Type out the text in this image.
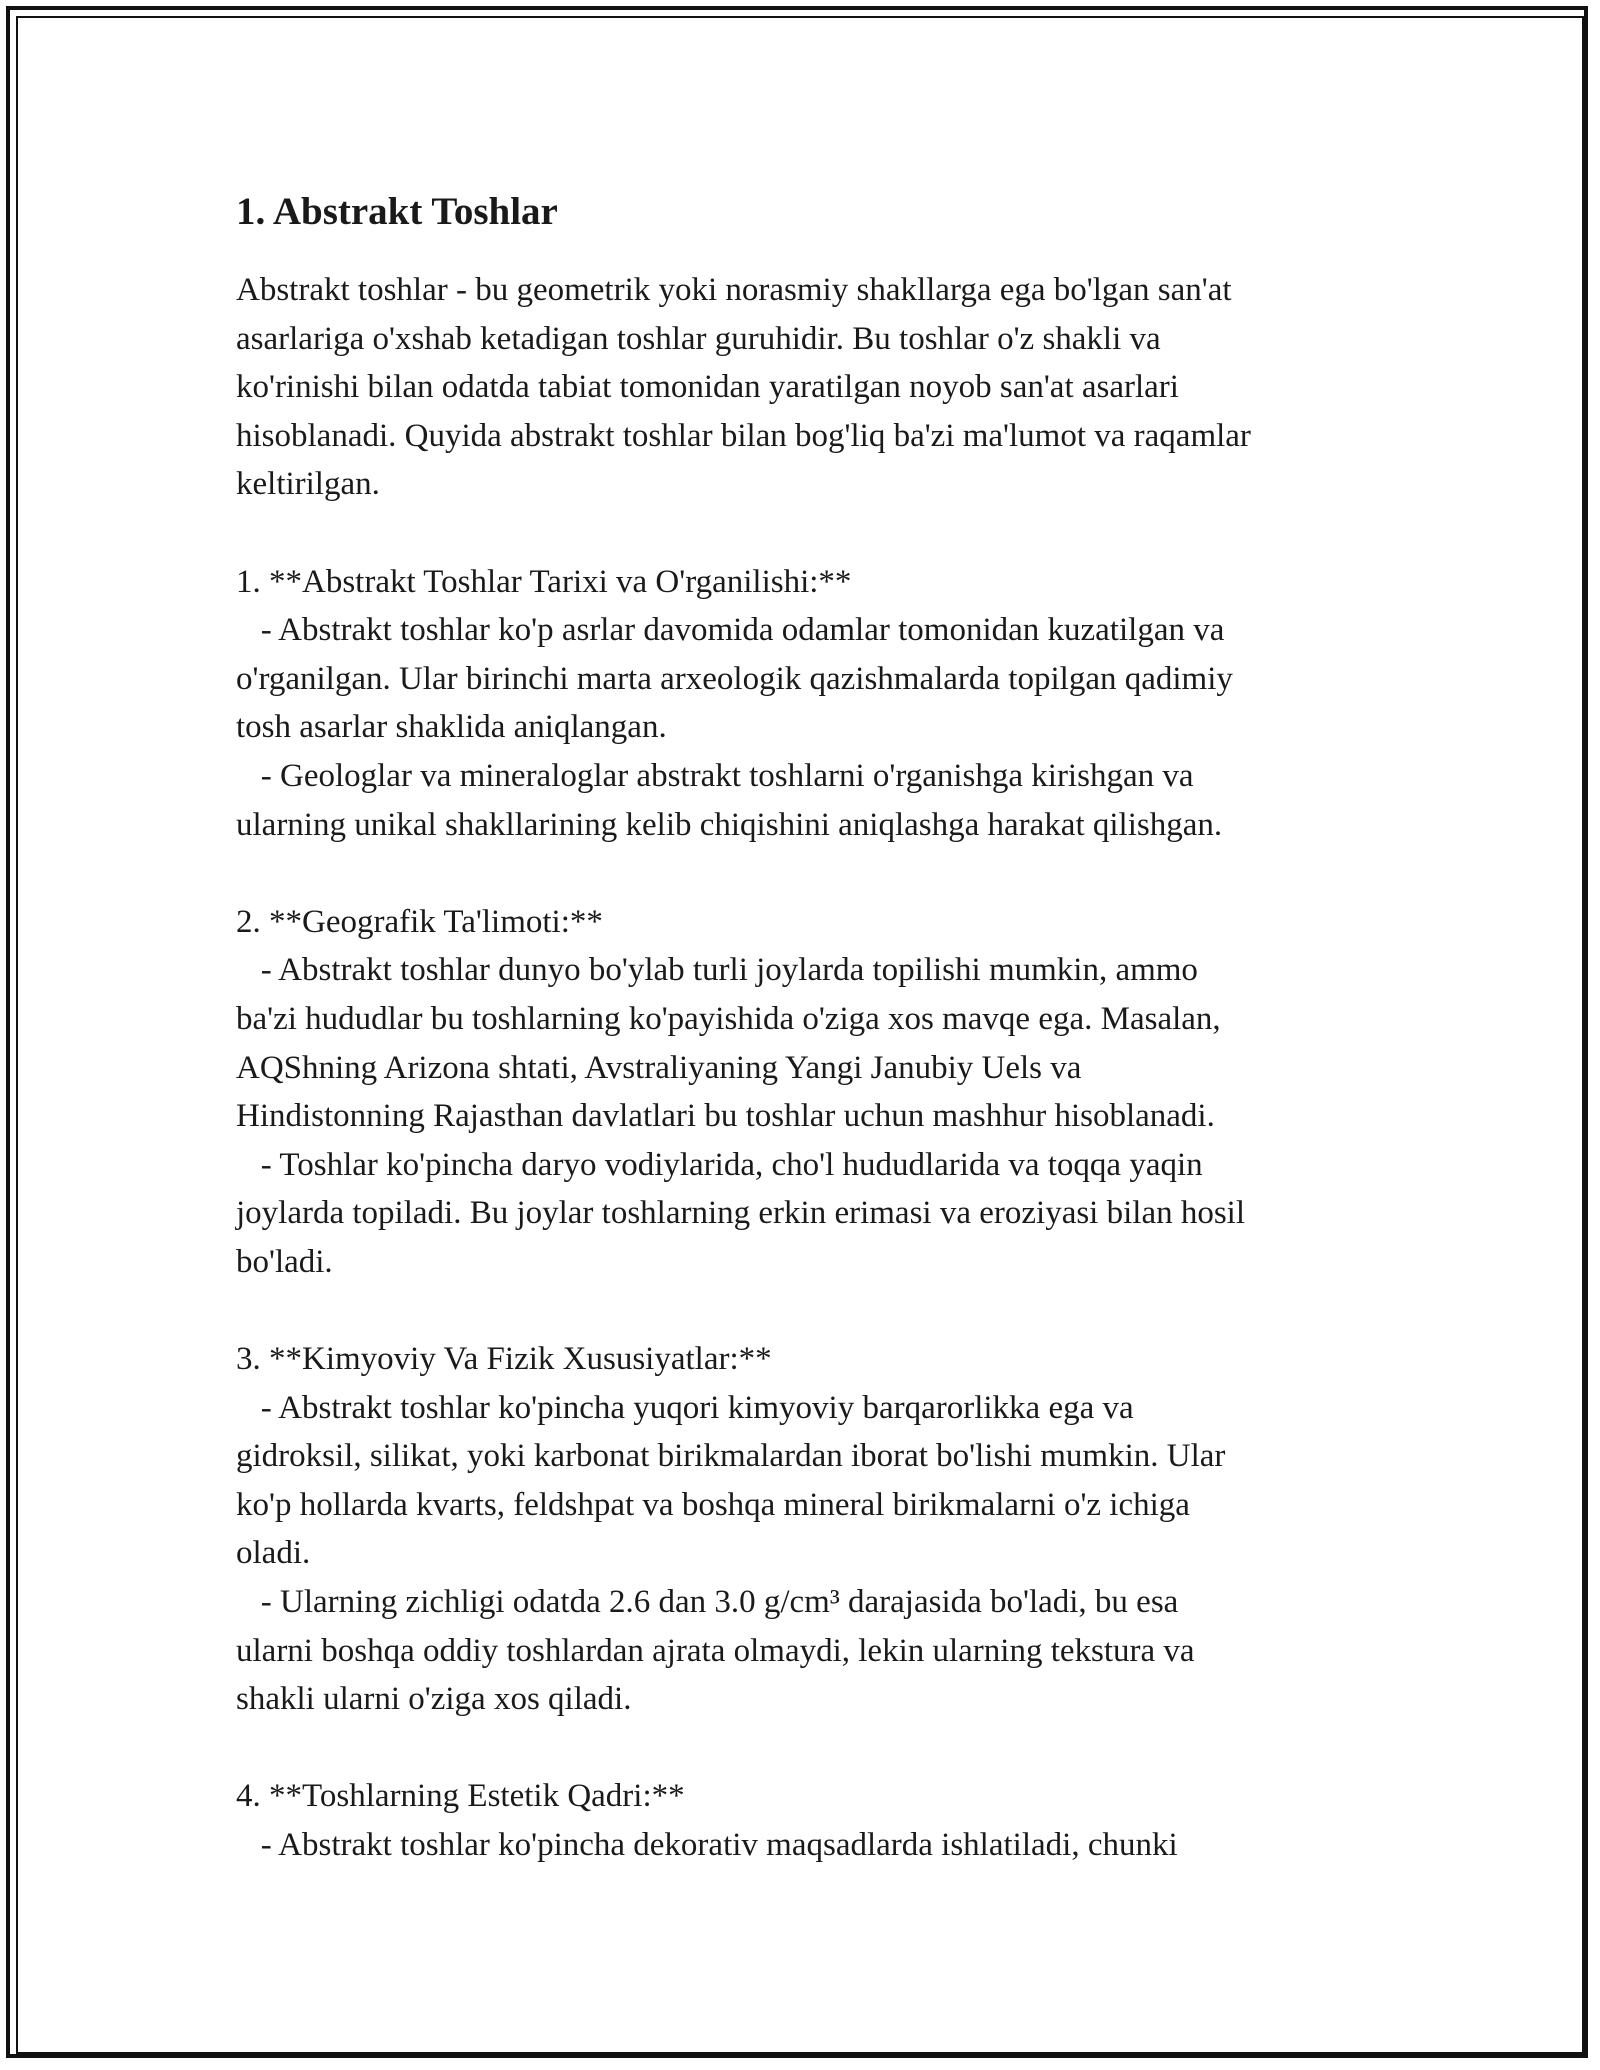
1. Abstrakt Toshlar

Abstrakt toshlar - bu geometrik yoki norasmiy shakllarga ega bo'lgan san'at
asarlariga o'xshab ketadigan toshlar guruhidir. Bu toshlar o'z shakli va
ko'rinishi bilan odatda tabiat tomonidan yaratilgan noyob san'at asarlari
hisoblanadi. Quyida abstrakt toshlar bilan bog'liq ba'zi ma'lumot va raqamlar
keltirilgan.

1. **Abstrakt Toshlar Tarixi va O'rganilishi:**
- Abstrakt toshlar ko'p asrlar davomida odamlar tomonidan kuzatilgan va
o'rganilgan. Ular birinchi marta arxeologik qazishmalarda topilgan qadimiy
tosh asarlar shaklida aniqlangan.
- Geologlar va mineraloglar abstrakt toshlarni o'rganishga kirishgan va
ularning unikal shakllarining kelib chiqishini aniqlashga harakat qilishgan.

2. **Geografik Ta'limoti:**
- Abstrakt toshlar dunyo bo'ylab turli joylarda topilishi mumkin, ammo
ba'zi hududlar bu toshlarning ko'payishida o'ziga xos mavqe ega. Masalan,
AQShning Arizona shtati, Avstraliyaning Yangi Janubiy Uels va
Hindistonning Rajasthan davlatlari bu toshlar uchun mashhur hisoblanadi.
- Toshlar ko'pincha daryo vodiylarida, cho'l hududlarida va toqqa yaqin
joylarda topiladi. Bu joylar toshlarning erkin erimasi va eroziyasi bilan hosil
bo'ladi.

3. **Kimyoviy Va Fizik Xususiyatlar:**
- Abstrakt toshlar ko'pincha yuqori kimyoviy barqarorlikka ega va
gidroksil, silikat, yoki karbonat birikmalardan iborat bo'lishi mumkin. Ular
ko'p hollarda kvarts, feldshpat va boshqa mineral birikmalarni o'z ichiga
oladi.
- Ularning zichligi odatda 2.6 dan 3.0 g/cm³ darajasida bo'ladi, bu esa
ularni boshqa oddiy toshlardan ajrata olmaydi, lekin ularning tekstura va
shakli ularni o'ziga xos qiladi.

4. **Toshlarning Estetik Qadri:**
- Abstrakt toshlar ko'pincha dekorativ maqsadlarda ishlatiladi, chunki
